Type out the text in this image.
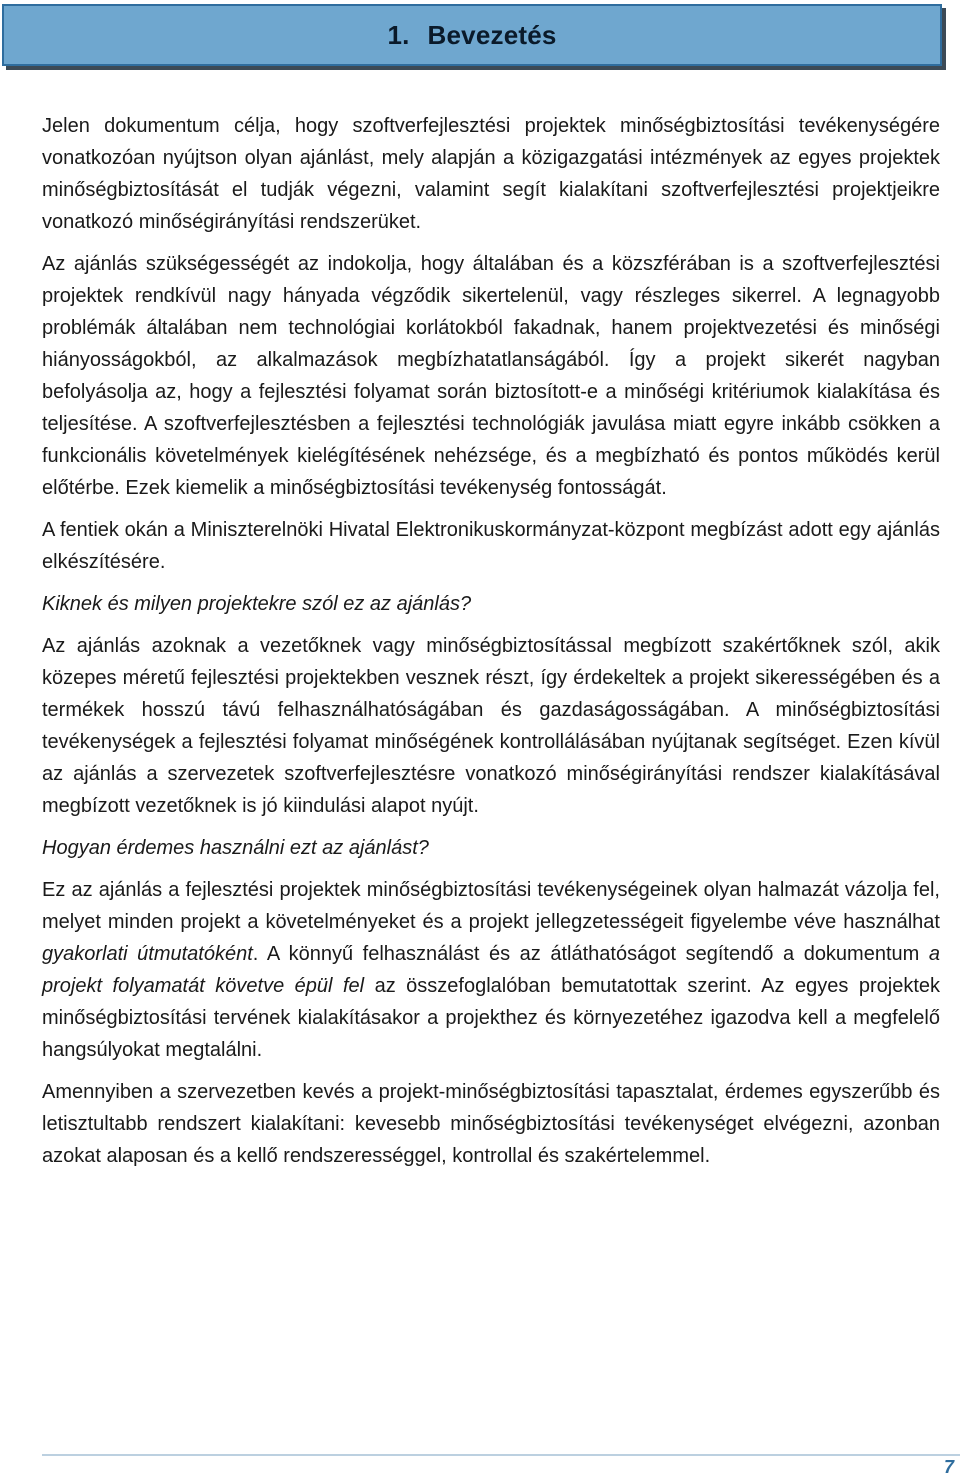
1. Bevezetés

Jelen dokumentum célja, hogy szoftverfejlesztési projektek minőségbiztosítási tevékenységére vonatkozóan nyújtson olyan ajánlást, mely alapján a közigazgatási intézmények az egyes projektek minőségbiztosítását el tudják végezni, valamint segít kialakítani szoftverfejlesztési projektjeikre vonatkozó minőségirányítási rendszerüket.

Az ajánlás szükségességét az indokolja, hogy általában és a közszférában is a szoftverfejlesztési projektek rendkívül nagy hányada végződik sikertelenül, vagy részleges sikerrel. A legnagyobb problémák általában nem technológiai korlátokból fakadnak, hanem projektvezetési és minőségi hiányosságokból, az alkalmazások megbízhatatlanságából. Így a projekt sikerét nagyban befolyásolja az, hogy a fejlesztési folyamat során biztosított-e a minőségi kritériumok kialakítása és teljesítése. A szoftverfejlesztésben a fejlesztési technológiák javulása miatt egyre inkább csökken a funkcionális követelmények kielégítésének nehézsége, és a megbízható és pontos működés kerül előtérbe. Ezek kiemelik a minőségbiztosítási tevékenység fontosságát.

A fentiek okán a Miniszterelnöki Hivatal Elektronikuskormányzat-központ megbízást adott egy ajánlás elkészítésére.

Kiknek és milyen projektekre szól ez az ajánlás?

Az ajánlás azoknak a vezetőknek vagy minőségbiztosítással megbízott szakértőknek szól, akik közepes méretű fejlesztési projektekben vesznek részt, így érdekeltek a projekt sikerességében és a termékek hosszú távú felhasználhatóságában és gazdaságosságában. A minőségbiztosítási tevékenységek a fejlesztési folyamat minőségének kontrollálásában nyújtanak segítséget. Ezen kívül az ajánlás a szervezetek szoftverfejlesztésre vonatkozó minőségirányítási rendszer kialakításával megbízott vezetőknek is jó kiindulási alapot nyújt.

Hogyan érdemes használni ezt az ajánlást?

Ez az ajánlás a fejlesztési projektek minőségbiztosítási tevékenységeinek olyan halmazát vázolja fel, melyet minden projekt a követelményeket és a projekt jellegzetességeit figyelembe véve használhat gyakorlati útmutatóként. A könnyű felhasználást és az átláthatóságot segítendő a dokumentum a projekt folyamatát követve épül fel az összefoglalóban bemutatottak szerint. Az egyes projektek minőségbiztosítási tervének kialakításakor a projekthez és környezetéhez igazodva kell a megfelelő hangsúlyokat megtalálni.

Amennyiben a szervezetben kevés a projekt-minőségbiztosítási tapasztalat, érdemes egyszerűbb és letisztultabb rendszert kialakítani: kevesebb minőségbiztosítási tevékenységet elvégezni, azonban azokat alaposan és a kellő rendszerességgel, kontrollal és szakértelemmel.

7
